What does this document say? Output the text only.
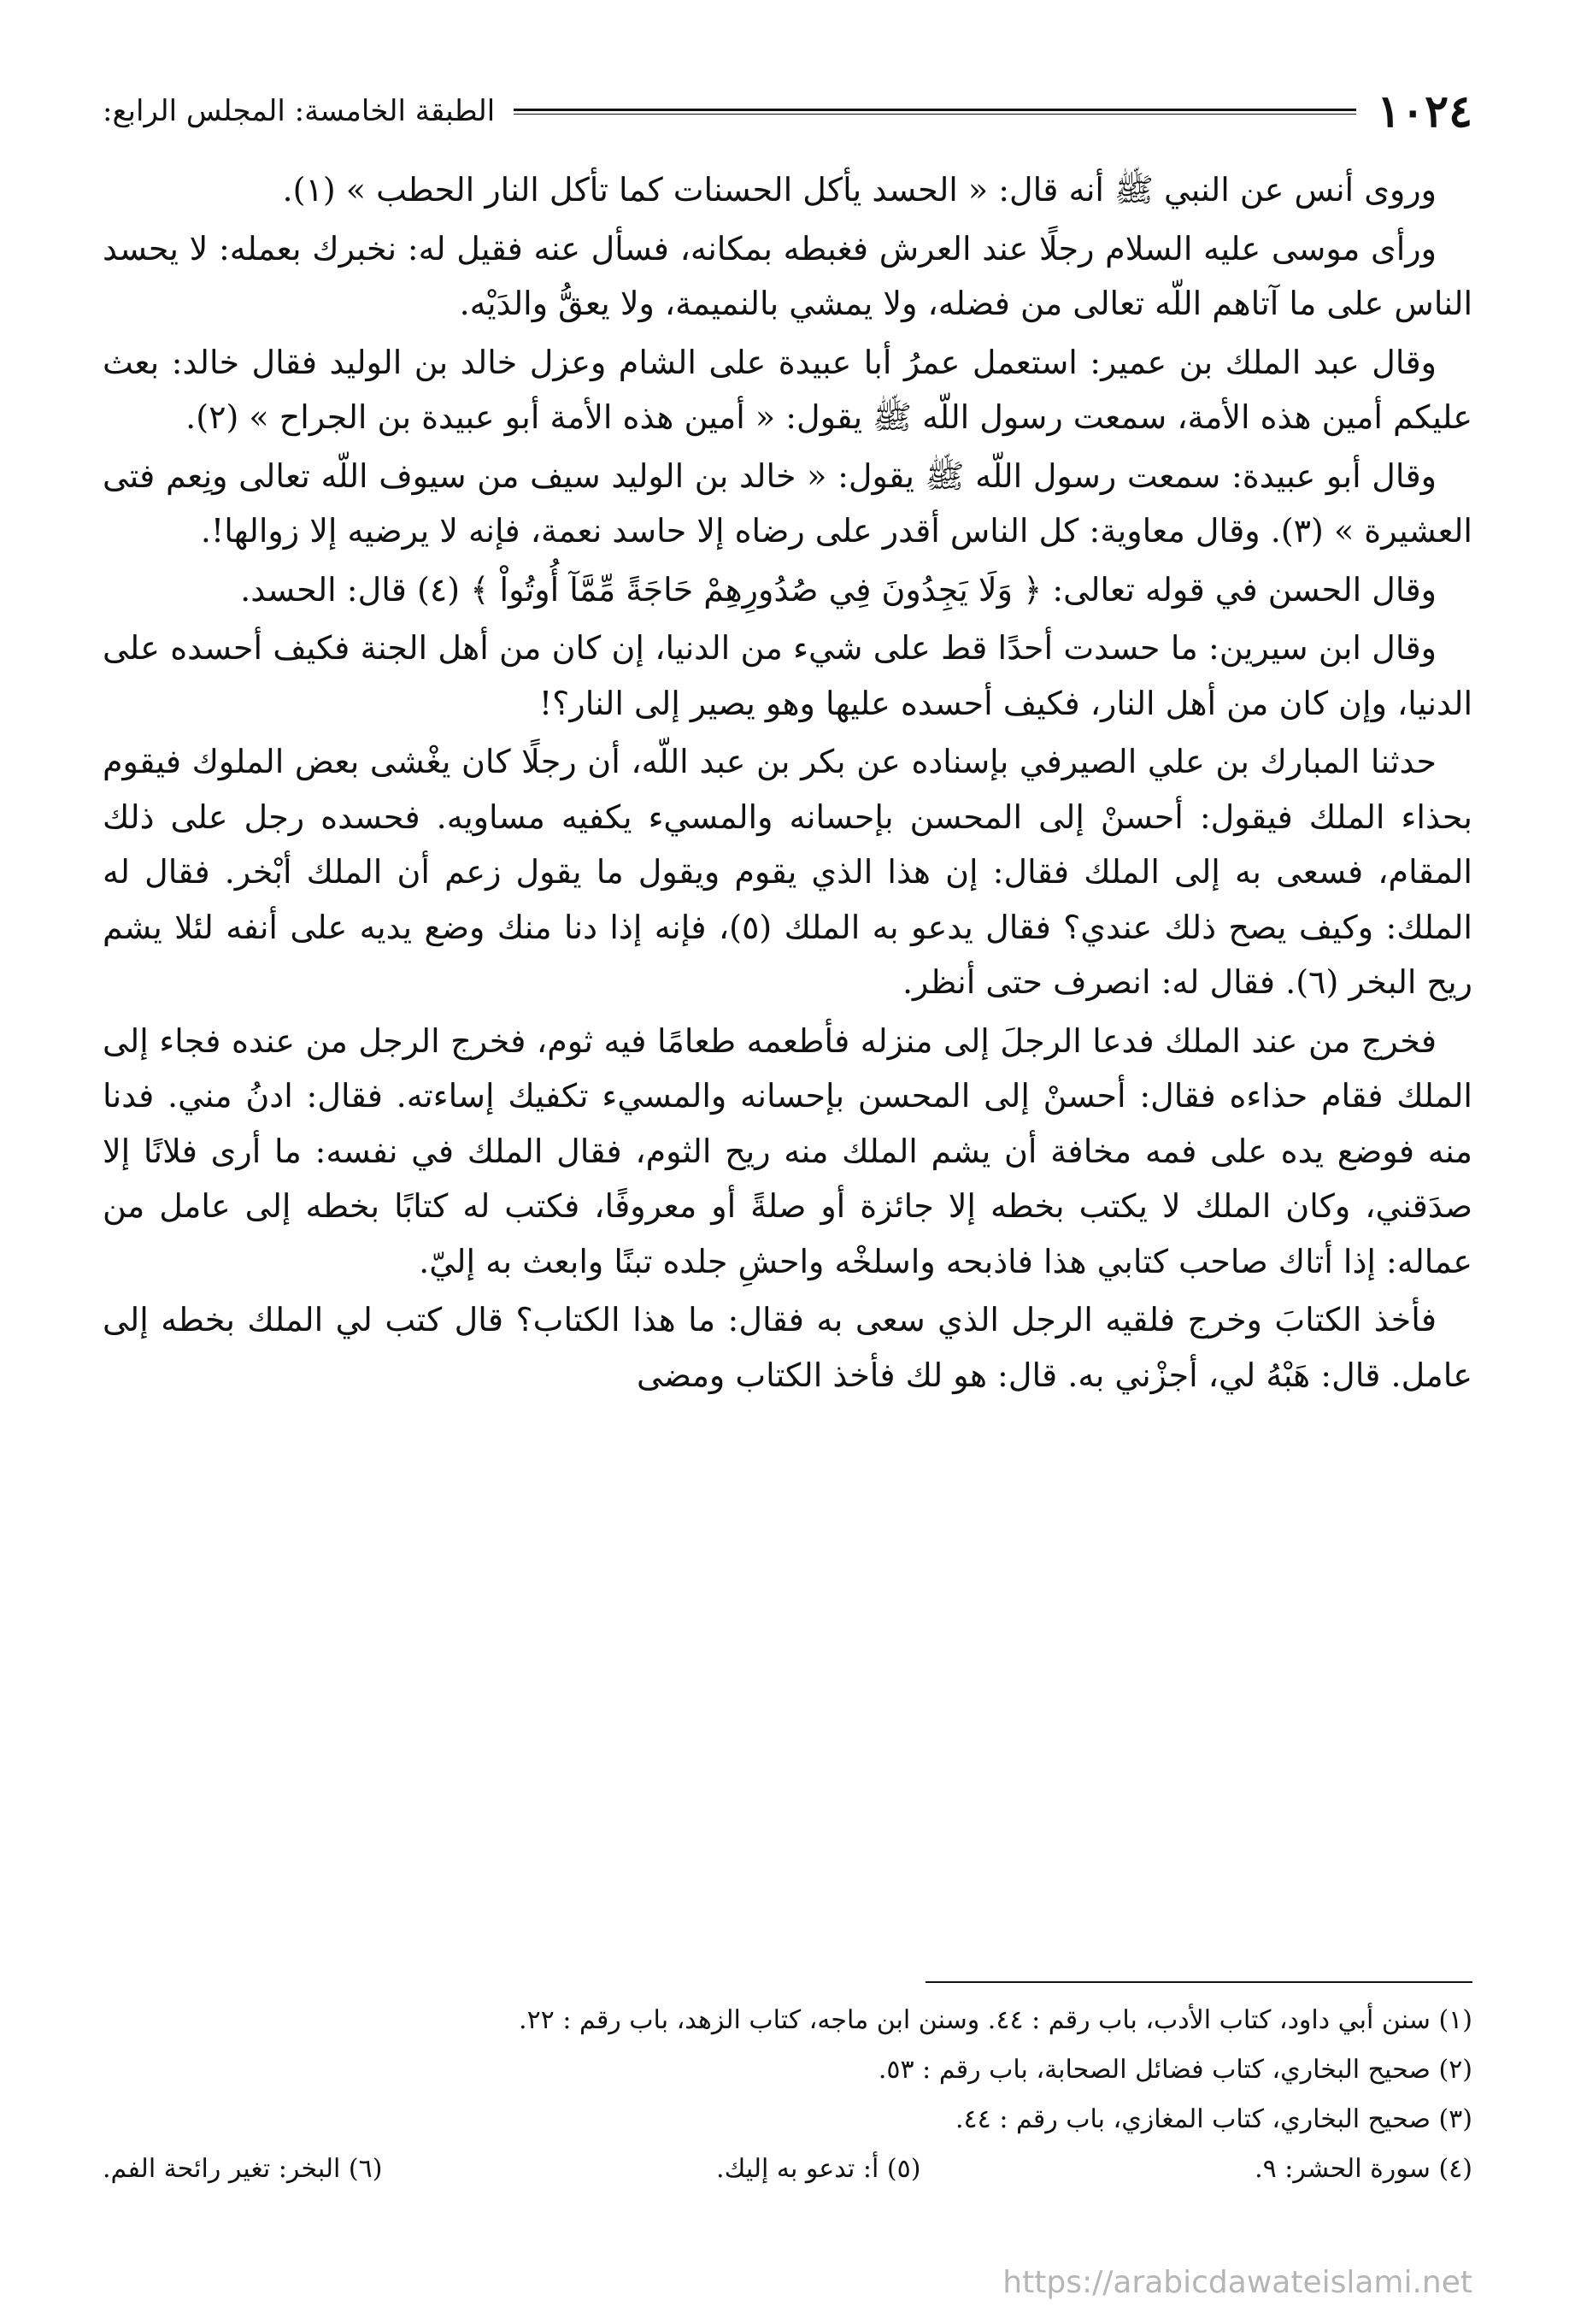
١٠٢٤
الطبقة الخامسة: المجلس الرابع:

وروى أنس عن النبي ﷺ أنه قال: « الحسد يأكل الحسنات كما تأكل النار الحطب » (١).

ورأى موسى عليه السلام رجلًا عند العرش فغبطه بمكانه، فسأل عنه فقيل له: نخبرك بعمله: لا يحسد الناس على ما آتاهم اللّه تعالى من فضله، ولا يمشي بالنميمة، ولا يعقُّ والدَيْه.

وقال عبد الملك بن عمير: استعمل عمرُ أبا عبيدة على الشام وعزل خالد بن الوليد فقال خالد: بعث عليكم أمين هذه الأمة، سمعت رسول اللّه ﷺ يقول: « أمين هذه الأمة أبو عبيدة بن الجراح » (٢).

وقال أبو عبيدة: سمعت رسول اللّه ﷺ يقول: « خالد بن الوليد سيف من سيوف اللّه تعالى ونِعم فتى العشيرة » (٣). وقال معاوية: كل الناس أقدر على رضاه إلا حاسد نعمة، فإنه لا يرضيه إلا زوالها!.

وقال الحسن في قوله تعالى: ﴿ وَلَا يَجِدُونَ فِي صُدُورِهِمْ حَاجَةً مِّمَّآ أُوتُواْ ﴾ (٤) قال: الحسد.

وقال ابن سيرين: ما حسدت أحدًا قط على شيء من الدنيا، إن كان من أهل الجنة فكيف أحسده على الدنيا، وإن كان من أهل النار، فكيف أحسده عليها وهو يصير إلى النار؟!

حدثنا المبارك بن علي الصيرفي بإسناده عن بكر بن عبد اللّه، أن رجلًا كان يغْشى بعض الملوك فيقوم بحذاء الملك فيقول: أحسنْ إلى المحسن بإحسانه والمسيء يكفيه مساويه. فحسده رجل على ذلك المقام، فسعى به إلى الملك فقال: إن هذا الذي يقوم ويقول ما يقول زعم أن الملك أبْخر. فقال له الملك: وكيف يصح ذلك عندي؟ فقال يدعو به الملك (٥)، فإنه إذا دنا منك وضع يديه على أنفه لئلا يشم ريح البخر (٦). فقال له: انصرف حتى أنظر.

فخرج من عند الملك فدعا الرجلَ إلى منزله فأطعمه طعامًا فيه ثوم، فخرج الرجل من عنده فجاء إلى الملك فقام حذاءه فقال: أحسنْ إلى المحسن بإحسانه والمسيء تكفيك إساءته. فقال: ادنُ مني. فدنا منه فوضع يده على فمه مخافة أن يشم الملك منه ريح الثوم، فقال الملك في نفسه: ما أرى فلانًا إلا صدَقني، وكان الملك لا يكتب بخطه إلا جائزة أو صلةً أو معروفًا، فكتب له كتابًا بخطه إلى عامل من عماله: إذا أتاك صاحب كتابي هذا فاذبحه واسلخْه واحشِ جلده تبنًا وابعث به إليّ.

فأخذ الكتابَ وخرج فلقيه الرجل الذي سعى به فقال: ما هذا الكتاب؟ قال كتب لي الملك بخطه إلى عامل. قال: هَبْهُ لي، أجزْني به. قال: هو لك فأخذ الكتاب ومضى

(١) سنن أبي داود، كتاب الأدب، باب رقم : ٤٤. وسنن ابن ماجه، كتاب الزهد، باب رقم : ٢٢.

(٢) صحيح البخاري، كتاب فضائل الصحابة، باب رقم : ٥٣.

(٣) صحيح البخاري، كتاب المغازي، باب رقم : ٤٤.

(٤) سورة الحشر: ٩.

(٥) أ: تدعو به إليك.

(٦) البخر: تغير رائحة الفم.

https://arabicdawateislami.net
